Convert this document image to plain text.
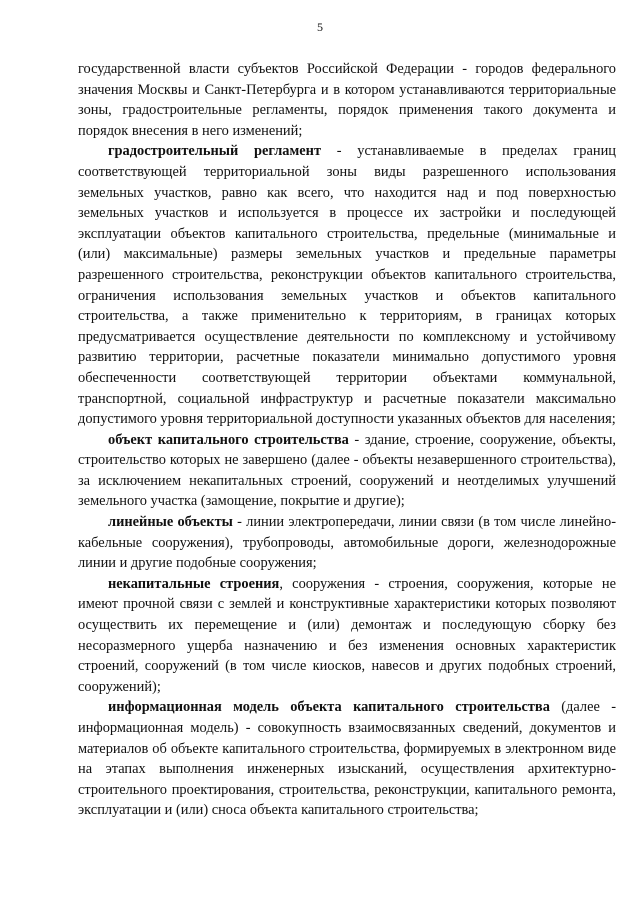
5

государственной власти субъектов Российской Федерации - городов федерального значения Москвы и Санкт-Петербурга и в котором устанавливаются территориальные зоны, градостроительные регламенты, порядок применения такого документа и порядок внесения в него изменений;

градостроительный регламент - устанавливаемые в пределах границ соответствующей территориальной зоны виды разрешенного использования земельных участков, равно как всего, что находится над и под поверхностью земельных участков и используется в процессе их застройки и последующей эксплуатации объектов капитального строительства, предельные (минимальные и (или) максимальные) размеры земельных участков и предельные параметры разрешенного строительства, реконструкции объектов капитального строительства, ограничения использования земельных участков и объектов капитального строительства, а также применительно к территориям, в границах которых предусматривается осуществление деятельности по комплексному и устойчивому развитию территории, расчетные показатели минимально допустимого уровня обеспеченности соответствующей территории объектами коммунальной, транспортной, социальной инфраструктур и расчетные показатели максимально допустимого уровня территориальной доступности указанных объектов для населения;

объект капитального строительства - здание, строение, сооружение, объекты, строительство которых не завершено (далее - объекты незавершенного строительства), за исключением некапитальных строений, сооружений и неотделимых улучшений земельного участка (замощение, покрытие и другие);

линейные объекты - линии электропередачи, линии связи (в том числе линейно-кабельные сооружения), трубопроводы, автомобильные дороги, железнодорожные линии и другие подобные сооружения;

некапитальные строения, сооружения - строения, сооружения, которые не имеют прочной связи с землей и конструктивные характеристики которых позволяют осуществить их перемещение и (или) демонтаж и последующую сборку без несоразмерного ущерба назначению и без изменения основных характеристик строений, сооружений (в том числе киосков, навесов и других подобных строений, сооружений);

информационная модель объекта капитального строительства (далее - информационная модель) - совокупность взаимосвязанных сведений, документов и материалов об объекте капитального строительства, формируемых в электронном виде на этапах выполнения инженерных изысканий, осуществления архитектурно-строительного проектирования, строительства, реконструкции, капитального ремонта, эксплуатации и (или) сноса объекта капитального строительства;
